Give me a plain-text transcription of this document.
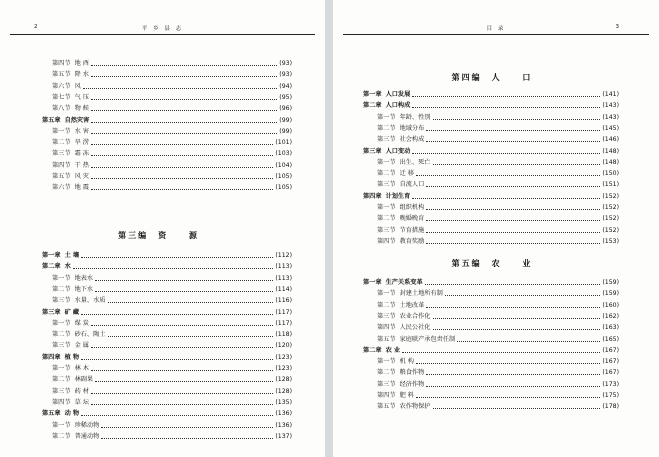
2	平 乡 县 志
第三编 资 源
第四节 地 酉	(93)
第五节 降 水	(93)
第六节 风	(94)
第七节 气 压	(95)
第八节 物 候	(96)
第五章 自然灾害	(99)
第一节 水 害	(99)
第二节 旱 涝	(101)
第三节 霜 冻	(103)
第四节 干 热	(104)
第五节 风 灾	(105)
第六节 地 震	(105)
第一章 土 壤	(112)
第二章 水	(113)
第一节 地表水	(113)
第二节 地下水	(114)
第三节 水量、水质	(116)
第三章 矿 藏	(117)
第一节 煤 炭	(117)
第二节 砂石、陶土	(118)
第三节 金 属	(120)
第四章 植 物	(123)
第一节 林 木	(123)
第二节 林副果	(128)
第三节 药 材	(128)
第四节 草 坛	(135)
第五章 动 物	(136)
第一节 珍稀动物	(136)
第二节 普通动物	(137)
目 录	3
第四编 人 口
第五编 农 业
第一章 人口发展	(141)
第二章 人口构成	(143)
第一节 年龄、性别	(143)
第二节 地域分布	(145)
第三节 社会构成	(146)
第三章 人口变动	(148)
第一节 出生、死亡	(148)
第二节 迁 移	(150)
第三节 自流人口	(151)
第四章 计划生育	(152)
第一节 组织机构	(152)
第二节 晚婚晚育	(152)
第三节 节育措施	(152)
第四节 教育奖励	(153)
第一章 生产关系变革	(159)
第一节 封建土地所有制	(159)
第二节 土地改革	(160)
第三节 农业合作化	(162)
第四节 人民公社化	(163)
第五节 家庭联产承包责任制	(165)
第二章 农 业	(167)
第一节 机 构	(167)
第二节 粮食作物	(167)
第三节 经济作物	(173)
第四节 肥 料	(175)
第五节 农作物保护	(178)
